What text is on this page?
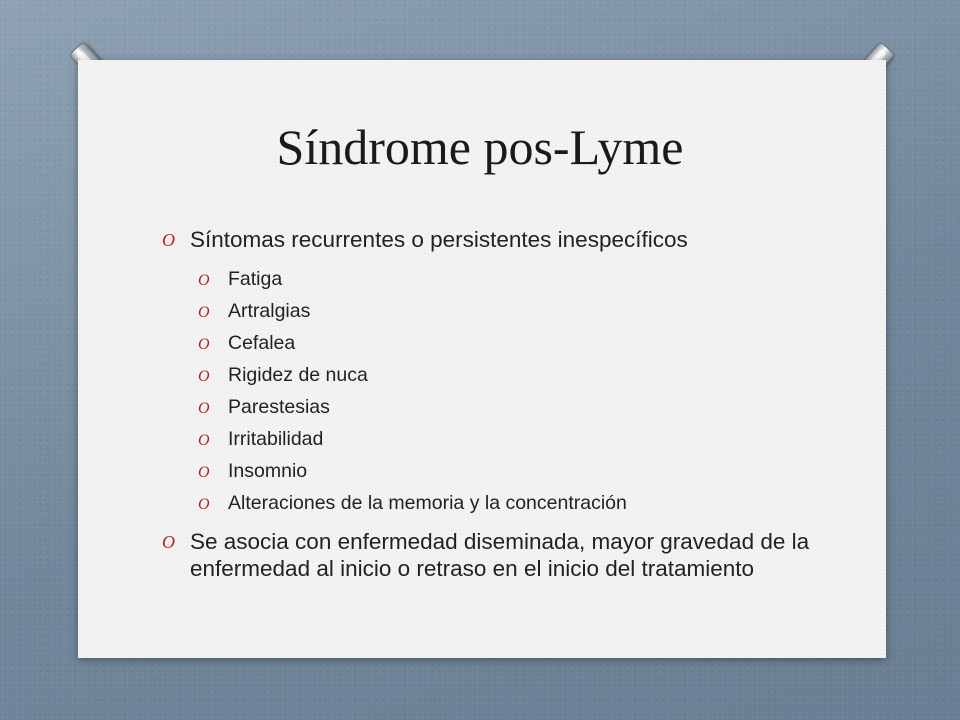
Síndrome pos-Lyme
O Síntomas recurrentes o persistentes inespecíficos
O Fatiga
O Artralgias
O Cefalea
O Rigidez de nuca
O Parestesias
O Irritabilidad
O Insomnio
O Alteraciones de la memoria y la concentración
O Se asocia con enfermedad diseminada, mayor gravedad de la enfermedad al inicio o retraso en el inicio del tratamiento
